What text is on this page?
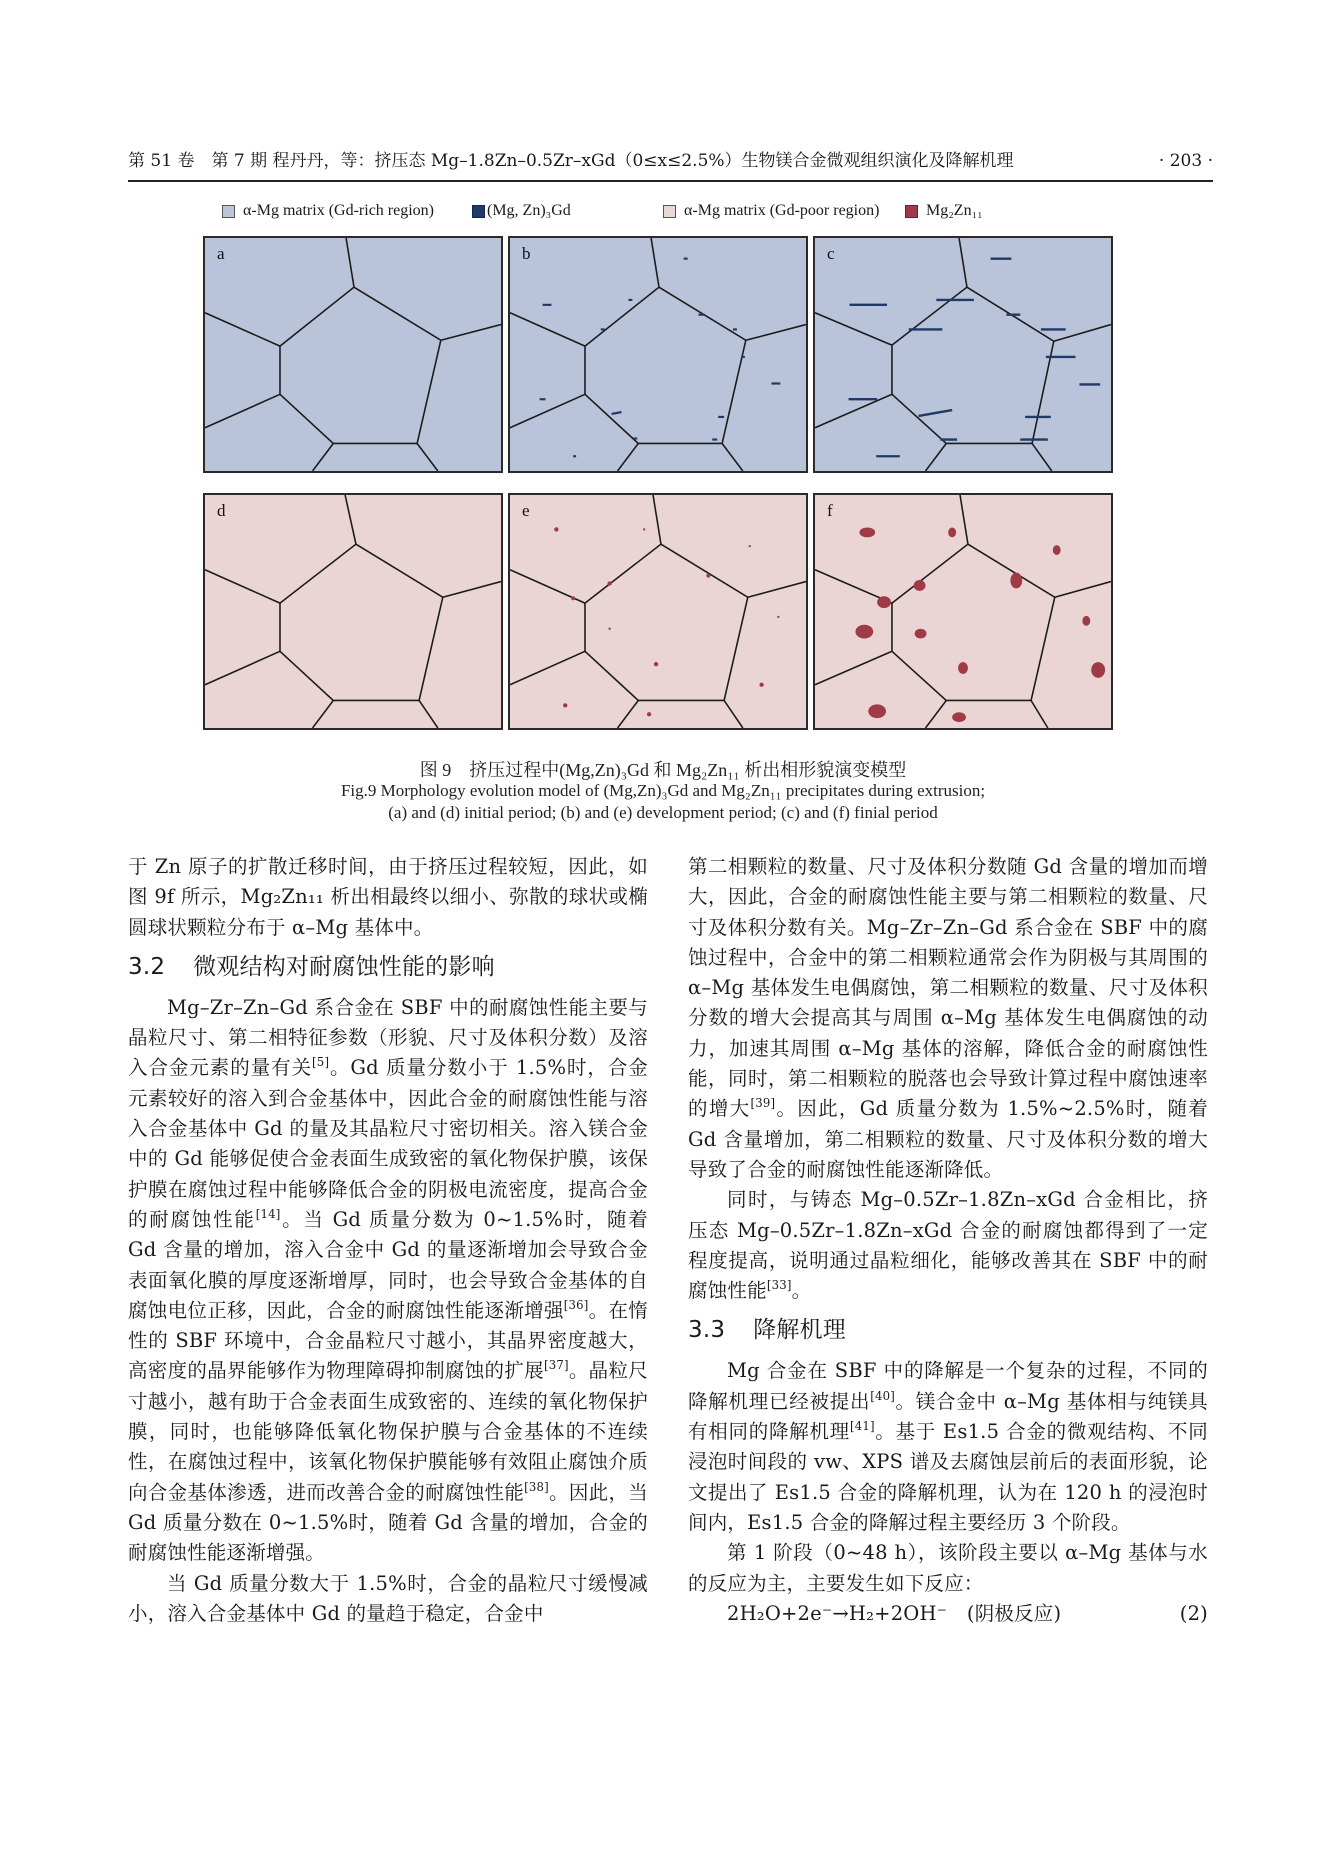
第 51 卷　第 7 期 程丹丹，等：挤压态 Mg–1.8Zn–0.5Zr–xGd（0≤x≤2.5%）生物镁合金微观组织演化及降解机理	· 203 ·
α-Mg matrix (Gd-rich region)	(Mg, Zn)₃Gd	α-Mg matrix (Gd-poor region)	Mg₂Zn₁₁
a	b	c
d	e	f
图 9　挤压过程中(Mg,Zn)₃Gd 和 Mg₂Zn₁₁ 析出相形貌演变模型
Fig.9 Morphology evolution model of (Mg,Zn)₃Gd and Mg₂Zn₁₁ precipitates during extrusion;
(a) and (d) initial period; (b) and (e) development period; (c) and (f) finial period

于 Zn 原子的扩散迁移时间，由于挤压过程较短，因此，如图 9f 所示，Mg₂Zn₁₁ 析出相最终以细小、弥散的球状或椭圆球状颗粒分布于 α–Mg 基体中。

3.2 微观结构对耐腐蚀性能的影响

Mg–Zr–Zn–Gd 系合金在 SBF 中的耐腐蚀性能主要与晶粒尺寸、第二相特征参数（形貌、尺寸及体积分数）及溶入合金元素的量有关[5]。Gd 质量分数小于 1.5%时，合金元素较好的溶入到合金基体中，因此合金的耐腐蚀性能与溶入合金基体中 Gd 的量及其晶粒尺寸密切相关。溶入镁合金中的 Gd 能够促使合金表面生成致密的氧化物保护膜，该保护膜在腐蚀过程中能够降低合金的阴极电流密度，提高合金的耐腐蚀性能[14]。当 Gd 质量分数为 0~1.5%时，随着 Gd 含量的增加，溶入合金中 Gd 的量逐渐增加会导致合金表面氧化膜的厚度逐渐增厚，同时，也会导致合金基体的自腐蚀电位正移，因此，合金的耐腐蚀性能逐渐增强[36]。在惰性的 SBF 环境中，合金晶粒尺寸越小，其晶界密度越大，高密度的晶界能够作为物理障碍抑制腐蚀的扩展[37]。晶粒尺寸越小，越有助于合金表面生成致密的、连续的氧化物保护膜，同时，也能够降低氧化物保护膜与合金基体的不连续性，在腐蚀过程中，该氧化物保护膜能够有效阻止腐蚀介质向合金基体渗透，进而改善合金的耐腐蚀性能[38]。因此，当 Gd 质量分数在 0~1.5%时，随着 Gd 含量的增加，合金的耐腐蚀性能逐渐增强。

当 Gd 质量分数大于 1.5%时，合金的晶粒尺寸缓慢减小，溶入合金基体中 Gd 的量趋于稳定，合金中

第二相颗粒的数量、尺寸及体积分数随 Gd 含量的增加而增大，因此，合金的耐腐蚀性能主要与第二相颗粒的数量、尺寸及体积分数有关。Mg–Zr–Zn–Gd 系合金在 SBF 中的腐蚀过程中，合金中的第二相颗粒通常会作为阴极与其周围的 α–Mg 基体发生电偶腐蚀，第二相颗粒的数量、尺寸及体积分数的增大会提高其与周围 α–Mg 基体发生电偶腐蚀的动力，加速其周围 α–Mg 基体的溶解，降低合金的耐腐蚀性能，同时，第二相颗粒的脱落也会导致计算过程中腐蚀速率的增大[39]。因此，Gd 质量分数为 1.5%~2.5%时，随着 Gd 含量增加，第二相颗粒的数量、尺寸及体积分数的增大导致了合金的耐腐蚀性能逐渐降低。

同时，与铸态 Mg–0.5Zr–1.8Zn–xGd 合金相比，挤压态 Mg–0.5Zr–1.8Zn–xGd 合金的耐腐蚀都得到了一定程度提高，说明通过晶粒细化，能够改善其在 SBF 中的耐腐蚀性能[33]。

3.3 降解机理

Mg 合金在 SBF 中的降解是一个复杂的过程，不同的降解机理已经被提出[40]。镁合金中 α–Mg 基体相与纯镁具有相同的降解机理[41]。基于 Es1.5 合金的微观结构、不同浸泡时间段的 vw、XPS 谱及去腐蚀层前后的表面形貌，论文提出了 Es1.5 合金的降解机理，认为在 120 h 的浸泡时间内，Es1.5 合金的降解过程主要经历 3 个阶段。

第 1 阶段（0~48 h），该阶段主要以 α–Mg 基体与水的反应为主，主要发生如下反应：

2H₂O+2e⁻→H₂+2OH⁻　(阴极反应)	(2)
